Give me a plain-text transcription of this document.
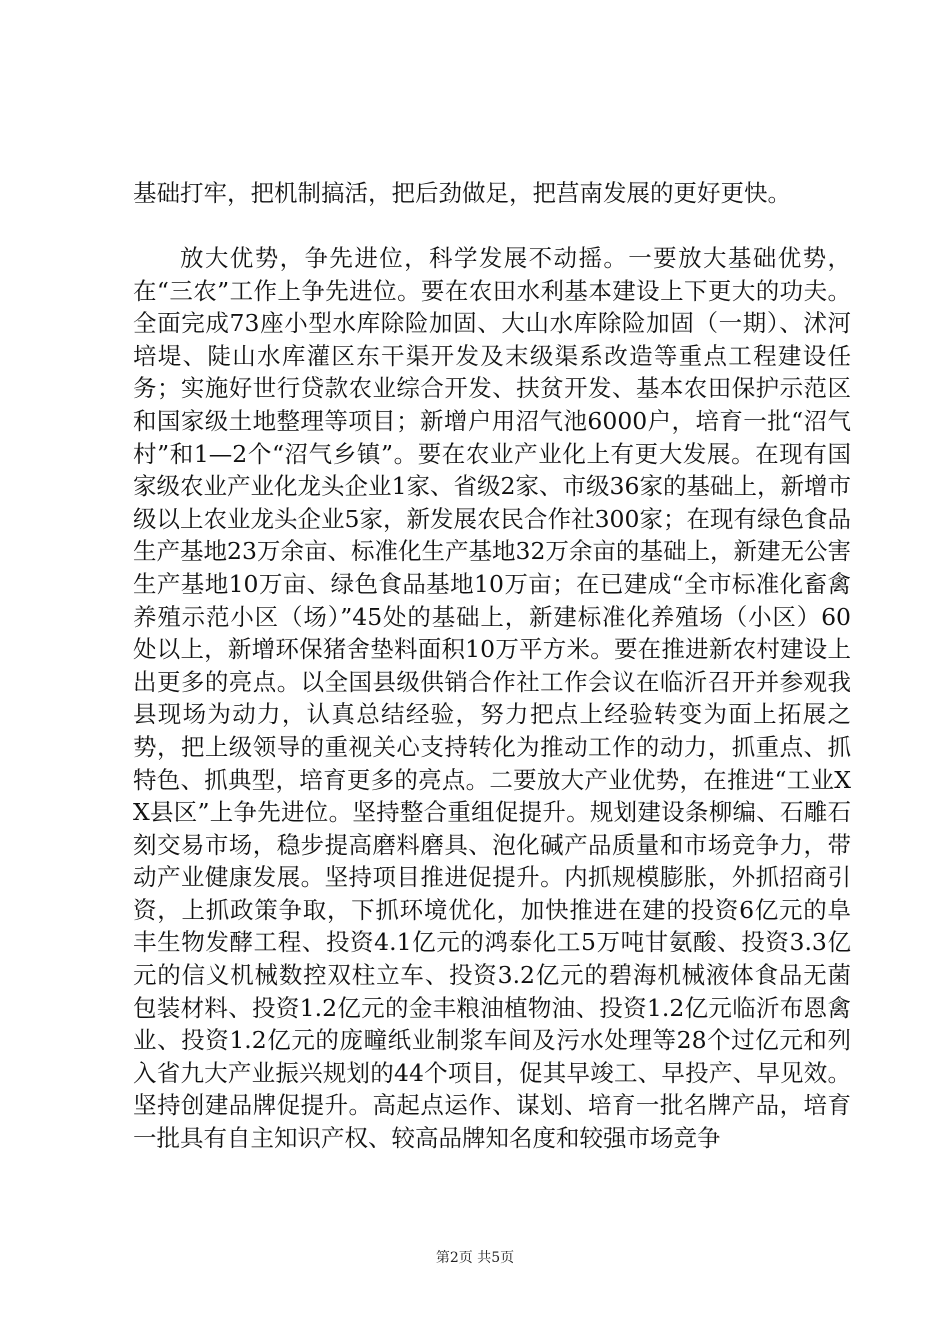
基础打牢，把机制搞活，把后劲做足，把莒南发展的更好更快。

放大优势，争先进位，科学发展不动摇。一要放大基础优势，在“三农”工作上争先进位。要在农田水利基本建设上下更大的功夫。全面完成73座小型水库除险加固、大山水库除险加固（一期）、沭河培堤、陡山水库灌区东干渠开发及末级渠系改造等重点工程建设任务；实施好世行贷款农业综合开发、扶贫开发、基本农田保护示范区和国家级土地整理等项目；新增户用沼气池6000户，培育一批“沼气村”和1—2个“沼气乡镇”。要在农业产业化上有更大发展。在现有国家级农业产业化龙头企业1家、省级2家、市级36家的基础上，新增市级以上农业龙头企业5家，新发展农民合作社300家；在现有绿色食品生产基地23万余亩、标准化生产基地32万余亩的基础上，新建无公害生产基地10万亩、绿色食品基地10万亩；在已建成“全市标准化畜禽养殖示范小区（场）”45处的基础上，新建标准化养殖场（小区）60处以上，新增环保猪舍垫料面积10万平方米。要在推进新农村建设上出更多的亮点。以全国县级供销合作社工作会议在临沂召开并参观我县现场为动力，认真总结经验，努力把点上经验转变为面上拓展之势，把上级领导的重视关心支持转化为推动工作的动力，抓重点、抓特色、抓典型，培育更多的亮点。二要放大产业优势，在推进“工业XX县区”上争先进位。坚持整合重组促提升。规划建设条柳编、石雕石刻交易市场，稳步提高磨料磨具、泡化碱产品质量和市场竞争力，带动产业健康发展。坚持项目推进促提升。内抓规模膨胀，外抓招商引资，上抓政策争取，下抓环境优化，加快推进在建的投资6亿元的阜丰生物发酵工程、投资4.1亿元的鸿泰化工5万吨甘氨酸、投资3.3亿元的信义机械数控双柱立车、投资3.2亿元的碧海机械液体食品无菌包装材料、投资1.2亿元的金丰粮油植物油、投资1.2亿元临沂布恩禽业、投资1.2亿元的庞疃纸业制浆车间及污水处理等28个过亿元和列入省九大产业振兴规划的44个项目，促其早竣工、早投产、早见效。坚持创建品牌促提升。高起点运作、谋划、培育一批名牌产品，培育一批具有自主知识产权、较高品牌知名度和较强市场竞争

第2页 共5页
